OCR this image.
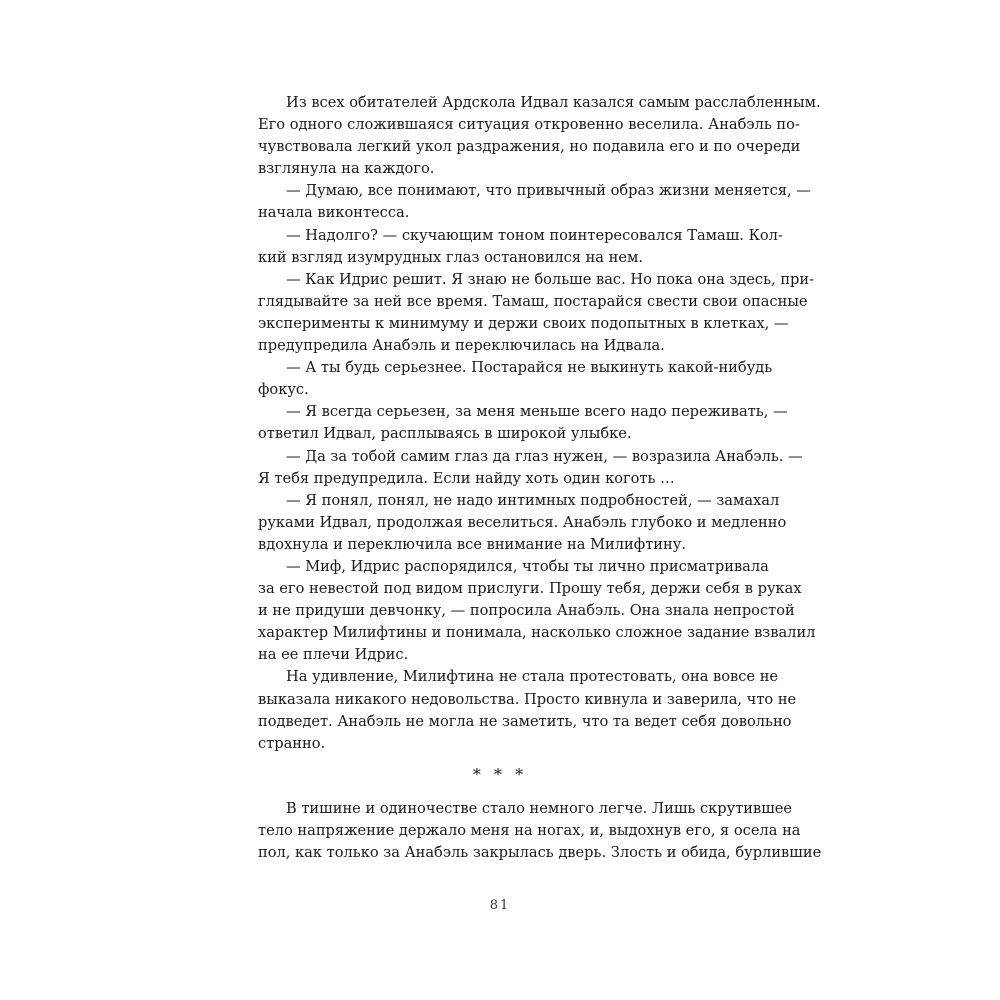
Из всех обитателей Ардскола Идвал казался самым расслабленным.
Его одного сложившаяся ситуация откровенно веселила. Анабэль по-
чувствовала легкий укол раздражения, но подавила его и по очереди
взглянула на каждого.
— Думаю, все понимают, что привычный образ жизни меняется, —
начала виконтесса.
— Надолго? — скучающим тоном поинтересовался Тамаш. Кол-
кий взгляд изумрудных глаз остановился на нем.
— Как Идрис решит. Я знаю не больше вас. Но пока она здесь, при-
глядывайте за ней все время. Тамаш, постарайся свести свои опасные
эксперименты к минимуму и держи своих подопытных в клетках, —
предупредила Анабэль и переключилась на Идвала.
— А ты будь серьезнее. Постарайся не выкинуть какой-нибудь
фокус.
— Я всегда серьезен, за меня меньше всего надо переживать, —
ответил Идвал, расплываясь в широкой улыбке.
— Да за тобой самим глаз да глаз нужен, — возразила Анабэль. —
Я тебя предупредила. Если найду хоть один коготь …
— Я понял, понял, не надо интимных подробностей, — замахал
руками Идвал, продолжая веселиться. Анабэль глубоко и медленно
вдохнула и переключила все внимание на Милифтину.
— Миф, Идрис распорядился, чтобы ты лично присматривала
за его невестой под видом прислуги. Прошу тебя, держи себя в руках
и не придуши девчонку, — попросила Анабэль. Она знала непростой
характер Милифтины и понимала, насколько сложное задание взвалил
на ее плечи Идрис.
На удивление, Милифтина не стала протестовать, она вовсе не
выказала никакого недовольства. Просто кивнула и заверила, что не
подведет. Анабэль не могла не заметить, что та ведет себя довольно
странно.
* * *
В тишине и одиночестве стало немного легче. Лишь скрутившее
тело напряжение держало меня на ногах, и, выдохнув его, я осела на
пол, как только за Анабэль закрылась дверь. Злость и обида, бурлившие
81
